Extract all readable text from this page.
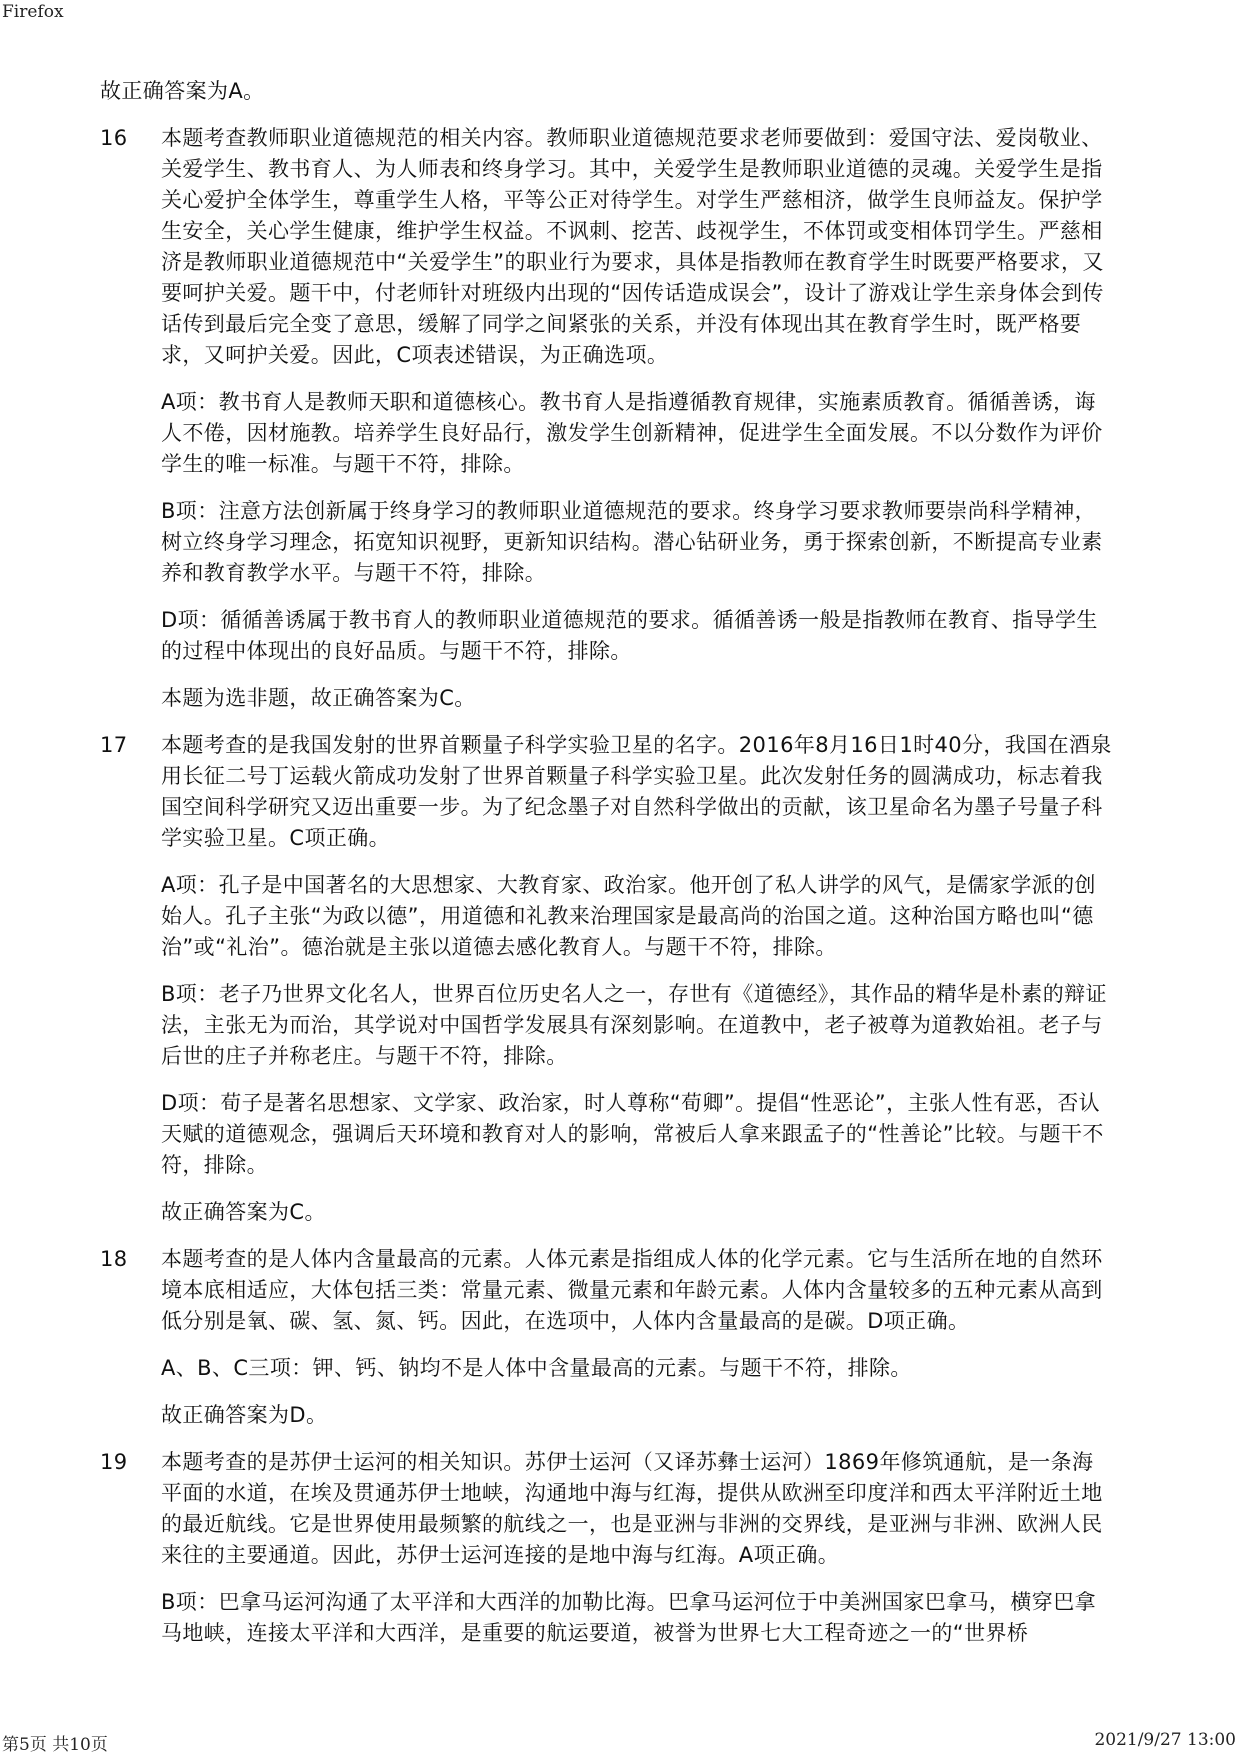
Firefox

故正确答案为A。

16	本题考查教师职业道德规范的相关内容。教师职业道德规范要求老师要做到：爱国守法、爱岗敬业、关爱学生、教书育人、为人师表和终身学习。其中，关爱学生是教师职业道德的灵魂。关爱学生是指关心爱护全体学生，尊重学生人格，平等公正对待学生。对学生严慈相济，做学生良师益友。保护学生安全，关心学生健康，维护学生权益。不讽刺、挖苦、歧视学生，不体罚或变相体罚学生。严慈相济是教师职业道德规范中“关爱学生”的职业行为要求，具体是指教师在教育学生时既要严格要求，又要呵护关爱。题干中，付老师针对班级内出现的“因传话造成误会”，设计了游戏让学生亲身体会到传话传到最后完全变了意思，缓解了同学之间紧张的关系，并没有体现出其在教育学生时，既严格要求，又呵护关爱。因此，C项表述错误，为正确选项。

A项：教书育人是教师天职和道德核心。教书育人是指遵循教育规律，实施素质教育。循循善诱，诲人不倦，因材施教。培养学生良好品行，激发学生创新精神，促进学生全面发展。不以分数作为评价学生的唯一标准。与题干不符，排除。

B项：注意方法创新属于终身学习的教师职业道德规范的要求。终身学习要求教师要崇尚科学精神，树立终身学习理念，拓宽知识视野，更新知识结构。潜心钻研业务，勇于探索创新，不断提高专业素养和教育教学水平。与题干不符，排除。

D项：循循善诱属于教书育人的教师职业道德规范的要求。循循善诱一般是指教师在教育、指导学生的过程中体现出的良好品质。与题干不符，排除。

本题为选非题，故正确答案为C。

17	本题考查的是我国发射的世界首颗量子科学实验卫星的名字。2016年8月16日1时40分，我国在酒泉用长征二号丁运载火箭成功发射了世界首颗量子科学实验卫星。此次发射任务的圆满成功，标志着我国空间科学研究又迈出重要一步。为了纪念墨子对自然科学做出的贡献，该卫星命名为墨子号量子科学实验卫星。C项正确。

A项：孔子是中国著名的大思想家、大教育家、政治家。他开创了私人讲学的风气，是儒家学派的创始人。孔子主张“为政以德”，用道德和礼教来治理国家是最高尚的治国之道。这种治国方略也叫“德治”或“礼治”。德治就是主张以道德去感化教育人。与题干不符，排除。

B项：老子乃世界文化名人，世界百位历史名人之一，存世有《道德经》，其作品的精华是朴素的辩证法，主张无为而治，其学说对中国哲学发展具有深刻影响。在道教中，老子被尊为道教始祖。老子与后世的庄子并称老庄。与题干不符，排除。

D项：荀子是著名思想家、文学家、政治家，时人尊称“荀卿”。提倡“性恶论”，主张人性有恶，否认天赋的道德观念，强调后天环境和教育对人的影响，常被后人拿来跟孟子的“性善论”比较。与题干不符，排除。

故正确答案为C。

18	本题考查的是人体内含量最高的元素。人体元素是指组成人体的化学元素。它与生活所在地的自然环境本底相适应，大体包括三类：常量元素、微量元素和年龄元素。人体内含量较多的五种元素从高到低分别是氧、碳、氢、氮、钙。因此，在选项中，人体内含量最高的是碳。D项正确。

A、B、C三项：钾、钙、钠均不是人体中含量最高的元素。与题干不符，排除。

故正确答案为D。

19	本题考查的是苏伊士运河的相关知识。苏伊士运河（又译苏彝士运河）1869年修筑通航，是一条海平面的水道，在埃及贯通苏伊士地峡，沟通地中海与红海，提供从欧洲至印度洋和西太平洋附近土地的最近航线。它是世界使用最频繁的航线之一，也是亚洲与非洲的交界线，是亚洲与非洲、欧洲人民来往的主要通道。因此，苏伊士运河连接的是地中海与红海。A项正确。

B项：巴拿马运河沟通了太平洋和大西洋的加勒比海。巴拿马运河位于中美洲国家巴拿马，横穿巴拿马地峡，连接太平洋和大西洋，是重要的航运要道，被誉为世界七大工程奇迹之一的“世界桥

第5页 共10页	2021/9/27 13:00
